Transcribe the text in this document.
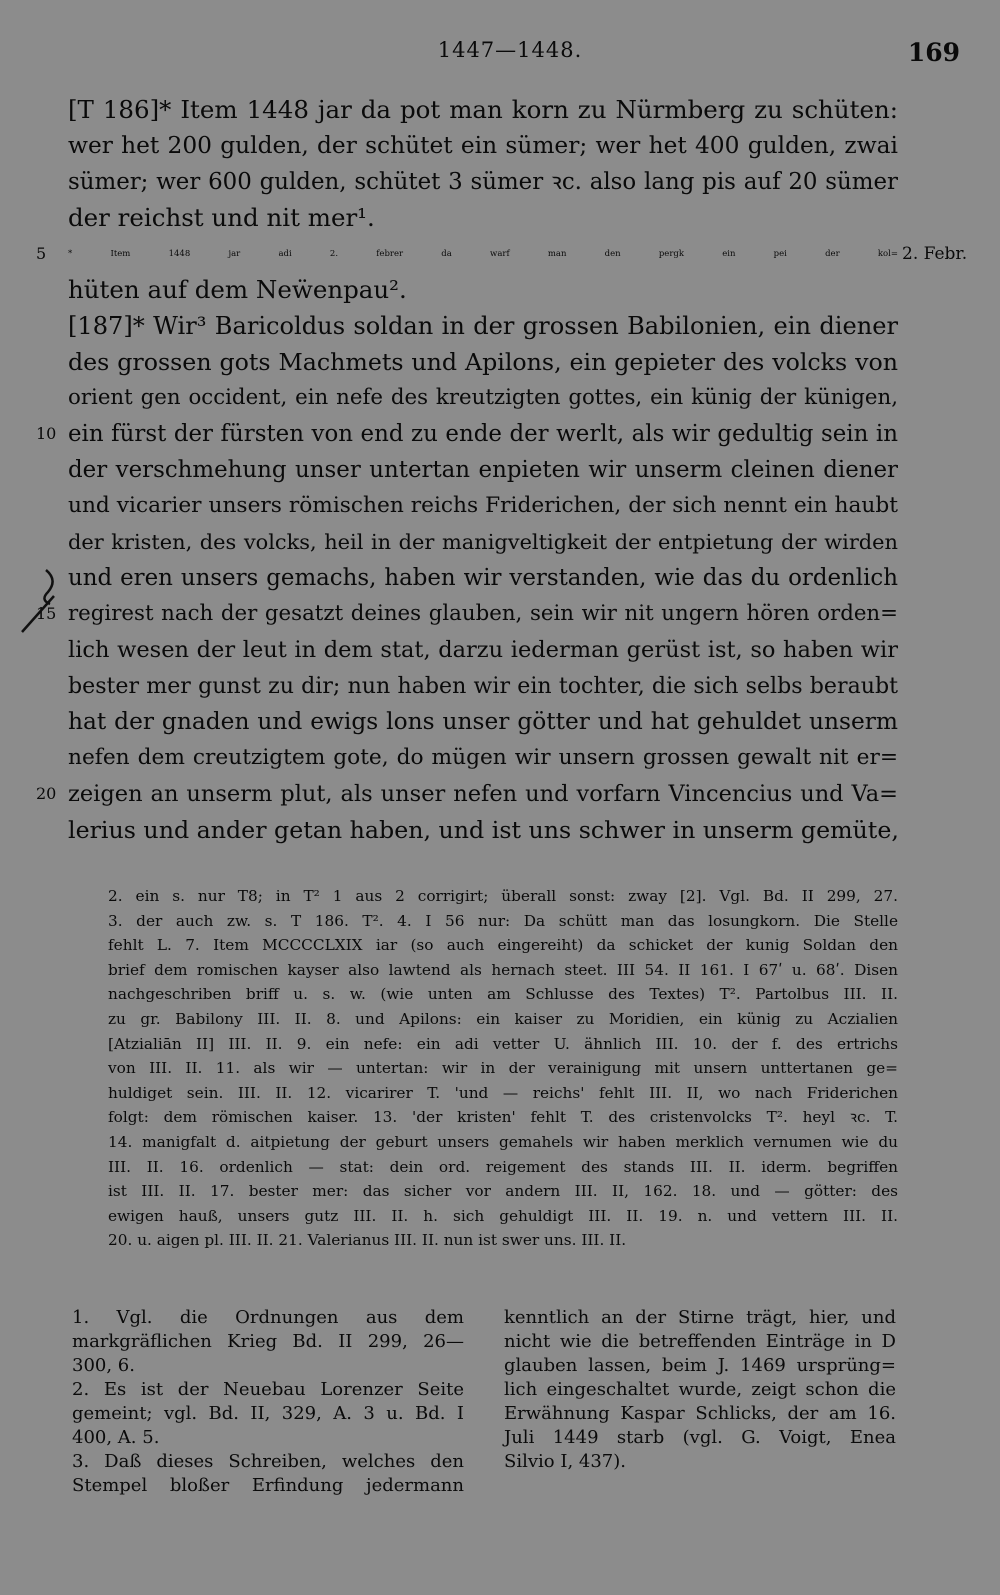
1447—1448.	169
[T 186]* Item 1448 jar da pot man korn zu Nürmberg zu schüten:
wer het 200 gulden, der schütet ein sümer; wer het 400 gulden, zwai
sümer; wer 600 gulden, schütet 3 sümer ꝛc. also lang pis auf 20 sümer
der reichst und nit mer¹.
5	* Item 1448 jar adi 2. febrer da warf man den pergk ein pei der kol= 2. Febr.
hüten auf dem Neẅenpau².
[187]* Wir³ Baricoldus soldan in der grossen Babilonien, ein diener
des grossen gots Machmets und Apilons, ein gepieter des volcks von
orient gen occident, ein nefe des kreutzigten gottes, ein künig der künigen,
10 ein fürst der fürsten von end zu ende der werlt, als wir gedultig sein in
der verschmehung unser untertan enpieten wir unserm cleinen diener
und vicarier unsers römischen reichs Friderichen, der sich nennt ein haubt
der kristen, des volcks, heil in der manigveltigkeit der entpietung der wirden
und eren unsers gemachs, haben wir verstanden, wie das du ordenlich
15 regirest nach der gesatzt deines glauben, sein wir nit ungern hören orden=
lich wesen der leut in dem stat, darzu iederman gerüst ist, so haben wir
bester mer gunst zu dir; nun haben wir ein tochter, die sich selbs beraubt
hat der gnaden und ewigs lons unser götter und hat gehuldet unserm
nefen dem creutzigtem gote, do mügen wir unsern grossen gewalt nit er=
20 zeigen an unserm plut, als unser nefen und vorfarn Vincencius und Va=
lerius und ander getan haben, und ist uns schwer in unserm gemüte,
2. ein s. nur T8; in T² 1 aus 2 corrigirt; überall sonst: zway [2]. Vgl. Bd. II 299, 27.
3. der auch zw. s. T 186. T². 4. I 56 nur: Da schütt man das losungkorn. Die Stelle
fehlt L. 7. Item MCCCCLXIX iar (so auch eingereiht) da schicket der kunig Soldan den
brief dem romischen kayser also lawtend als hernach steet. III 54. II 161. I 67ʹ u. 68ʹ. Disen
nachgeschriben briff u. s. w. (wie unten am Schlusse des Textes) T². Partolbus III. II.
zu gr. Babilony III. II. 8. und Apilons: ein kaiser zu Moridien, ein künig zu Aczialien
[Atzialiān II] III. II. 9. ein nefe: ein adi vetter U. ähnlich III. 10. der f. des ertrichs
von III. II. 11. als wir — untertan: wir in der verainigung mit unsern unttertanen ge=
huldiget sein. III. II. 12. vicarirer T. 'und — reichs' fehlt III. II, wo nach Friderichen
folgt: dem römischen kaiser. 13. 'der kristen' fehlt T. des cristenvolcks T². heyl ꝛc. T.
14. manigfalt d. aitpietung der geburt unsers gemahels wir haben merklich vernumen wie du
III. II. 16. ordenlich — stat: dein ord. reigement des stands III. II. iderm. begriffen
ist III. II. 17. bester mer: das sicher vor andern III. II, 162. 18. und — götter: des
ewigen hauß, unsers gutz III. II. h. sich gehuldigt III. II. 19. n. und vettern III. II.
20. u. aigen pl. III. II. 21. Valerianus III. II. nun ist swer uns. III. II.
1. Vgl. die Ordnungen aus dem
markgräflichen Krieg Bd. II 299, 26—
300, 6.
2. Es ist der Neuebau Lorenzer Seite
gemeint; vgl. Bd. II, 329, A. 3 u. Bd. I
400, A. 5.
3. Daß dieses Schreiben, welches den
Stempel bloßer Erfindung jedermann
kenntlich an der Stirne trägt, hier, und
nicht wie die betreffenden Einträge in D
glauben lassen, beim J. 1469 ursprüng=
lich eingeschaltet wurde, zeigt schon die
Erwähnung Kaspar Schlicks, der am 16.
Juli 1449 starb (vgl. G. Voigt, Enea
Silvio I, 437).
